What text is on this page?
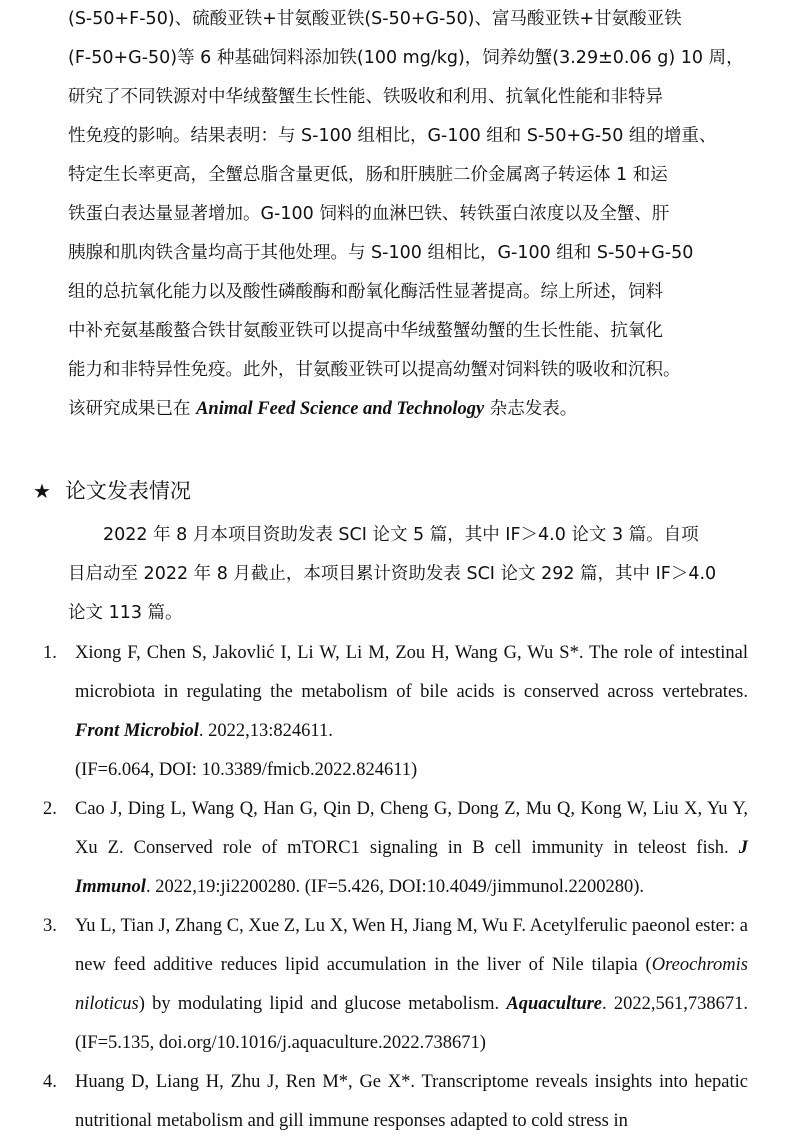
(S-50+F-50)、硫酸亚铁+甘氨酸亚铁(S-50+G-50)、富马酸亚铁+甘氨酸亚铁
(F-50+G-50)等 6 种基础饲料添加铁(100 mg/kg)，饲养幼蟹(3.29±0.06 g) 10 周，
研究了不同铁源对中华绒螯蟹生长性能、铁吸收和利用、抗氧化性能和非特异
性免疫的影响。结果表明：与 S-100 组相比，G-100 组和 S-50+G-50 组的增重、
特定生长率更高，全蟹总脂含量更低，肠和肝胰脏二价金属离子转运体 1 和运
铁蛋白表达量显著增加。G-100 饲料的血淋巴铁、转铁蛋白浓度以及全蟹、肝
胰腺和肌肉铁含量均高于其他处理。与 S-100 组相比，G-100 组和 S-50+G-50
组的总抗氧化能力以及酸性磷酸酶和酚氧化酶活性显著提高。综上所述，饲料
中补充氨基酸螯合铁甘氨酸亚铁可以提高中华绒螯蟹幼蟹的生长性能、抗氧化
能力和非特异性免疫。此外，甘氨酸亚铁可以提高幼蟹对饲料铁的吸收和沉积。
该研究成果已在 Animal Feed Science and Technology 杂志发表。
★ 论文发表情况
2022 年 8 月本项目资助发表 SCI 论文 5 篇，其中 IF＞4.0 论文 3 篇。自项
目启动至 2022 年 8 月截止，本项目累计资助发表 SCI 论文 292 篇，其中 IF＞4.0
论文 113 篇。
1. Xiong F, Chen S, Jakovlić I, Li W, Li M, Zou H, Wang G, Wu S*. The role of intestinal microbiota in regulating the metabolism of bile acids is conserved across vertebrates. Front Microbiol. 2022,13:824611.
(IF=6.064, DOI: 10.3389/fmicb.2022.824611)
2. Cao J, Ding L, Wang Q, Han G, Qin D, Cheng G, Dong Z, Mu Q, Kong W, Liu X, Yu Y, Xu Z. Conserved role of mTORC1 signaling in B cell immunity in teleost fish. J Immunol. 2022,19:ji2200280. (IF=5.426, DOI:10.4049/jimmunol.2200280).
3. Yu L, Tian J, Zhang C, Xue Z, Lu X, Wen H, Jiang M, Wu F. Acetylferulic paeonol ester: a new feed additive reduces lipid accumulation in the liver of Nile tilapia (Oreochromis niloticus) by modulating lipid and glucose metabolism. Aquaculture. 2022,561,738671. (IF=5.135, doi.org/10.1016/j.aquaculture.2022.738671)
4. Huang D, Liang H, Zhu J, Ren M*, Ge X*. Transcriptome reveals insights into hepatic nutritional metabolism and gill immune responses adapted to cold stress in
